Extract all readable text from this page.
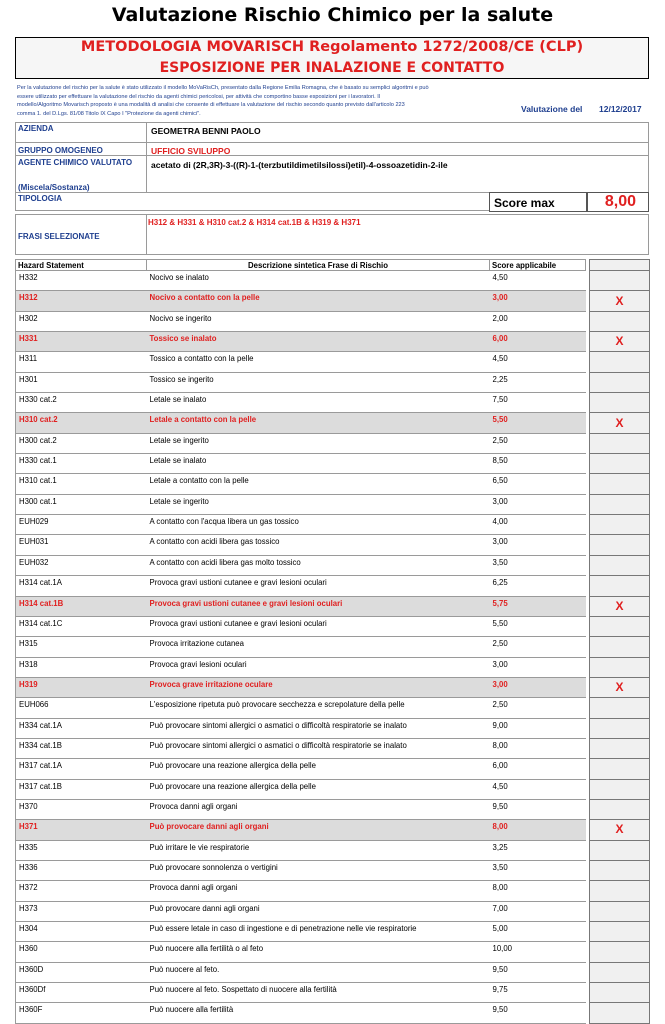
Valutazione Rischio Chimico per la salute
METODOLOGIA MOVARISCH Regolamento 1272/2008/CE (CLP)
ESPOSIZIONE PER INALAZIONE E CONTATTO
Per la valutazione del rischio per la salute è stato utilizzato il modello MoVaRisCh, presentato dalla Regione Emilia Romagna, che è basato su semplici algoritmi e può
essere utilizzato per effettuare la valutazione del rischio da agenti chimici pericolosi, per attività che comportino basse esposizioni per i lavoratori. Il
modello/Algoritmo Movarisch proposto è una modalità di analisi che consente di effettuare la valutazione del rischio secondo quanto previsto dall'articolo 223
comma 1. del D.Lgs. 81/08 Titolo IX Capo I "Protezione da agenti chimici".	Valutazione del 12/12/2017
AZIENDA	GEOMETRA BENNI PAOLO
GRUPPO OMOGENEO	UFFICIO SVILUPPO
AGENTE CHIMICO VALUTATO acetato di (2R,3R)-3-((R)-1-(terzbutildimetilsilossi)etil)-4-ossoazetidin-2-ile
(Miscela/Sostanza)
TIPOLOGIA	Score max	8,00
FRASI SELEZIONATE
H312 & H331 & H310 cat.2 & H314 cat.1B & H319 & H371
Hazard Statement	Descrizione sintetica Frase di Rischio	Score applicabile		
H332	Nocivo se inalato	4,50		
H312	Nocivo a contatto con la pelle	3,00		X
H302	Nocivo se ingerito	2,00		
H331	Tossico se inalato	6,00		X
H311	Tossico a contatto con la pelle	4,50		
H301	Tossico se ingerito	2,25		
H330 cat.2	Letale se inalato	7,50		
H310 cat.2	Letale a contatto con la pelle	5,50		X
H300 cat.2	Letale se ingerito	2,50		
H330 cat.1	Letale se inalato	8,50		
H310 cat.1	Letale a contatto con la pelle	6,50		
H300 cat.1	Letale se ingerito	3,00		
EUH029	A contatto con l'acqua libera un gas tossico	4,00		
EUH031	A contatto con acidi libera gas tossico	3,00		
EUH032	A contatto con acidi libera gas molto tossico	3,50		
H314 cat.1A	Provoca gravi ustioni cutanee e gravi lesioni oculari	6,25		
H314 cat.1B	Provoca gravi ustioni cutanee e gravi lesioni oculari	5,75		X
H314 cat.1C	Provoca gravi ustioni cutanee e gravi lesioni oculari	5,50		
H315	Provoca irritazione cutanea	2,50		
H318	Provoca gravi lesioni oculari	3,00		
H319	Provoca grave irritazione oculare	3,00		X
EUH066	L'esposizione ripetuta può provocare secchezza e screpolature della pelle	2,50		
H334 cat.1A	Può provocare sintomi allergici o asmatici o difficoltà respiratorie se inalato	9,00		
H334 cat.1B	Può provocare sintomi allergici o asmatici o difficoltà respiratorie se inalato	8,00		
H317 cat.1A	Può provocare una reazione allergica della pelle	6,00		
H317 cat.1B	Può provocare una reazione allergica della pelle	4,50		
H370	Provoca danni agli organi	9,50		
H371	Può provocare danni agli organi	8,00		X
H335	Può irritare le vie respiratorie	3,25		
H336	Può provocare sonnolenza o vertigini	3,50		
H372	Provoca danni agli organi	8,00		
H373	Può provocare danni agli organi	7,00		
H304	Può essere letale in caso di ingestione e di penetrazione nelle vie respiratorie	5,00		
H360	Può nuocere alla fertilità o al feto	10,00		
H360D	Può nuocere al feto.	9,50		
H360Df	Può nuocere al feto. Sospettato di nuocere alla fertilità	9,75		
H360F	Può nuocere alla fertilità	9,50		
